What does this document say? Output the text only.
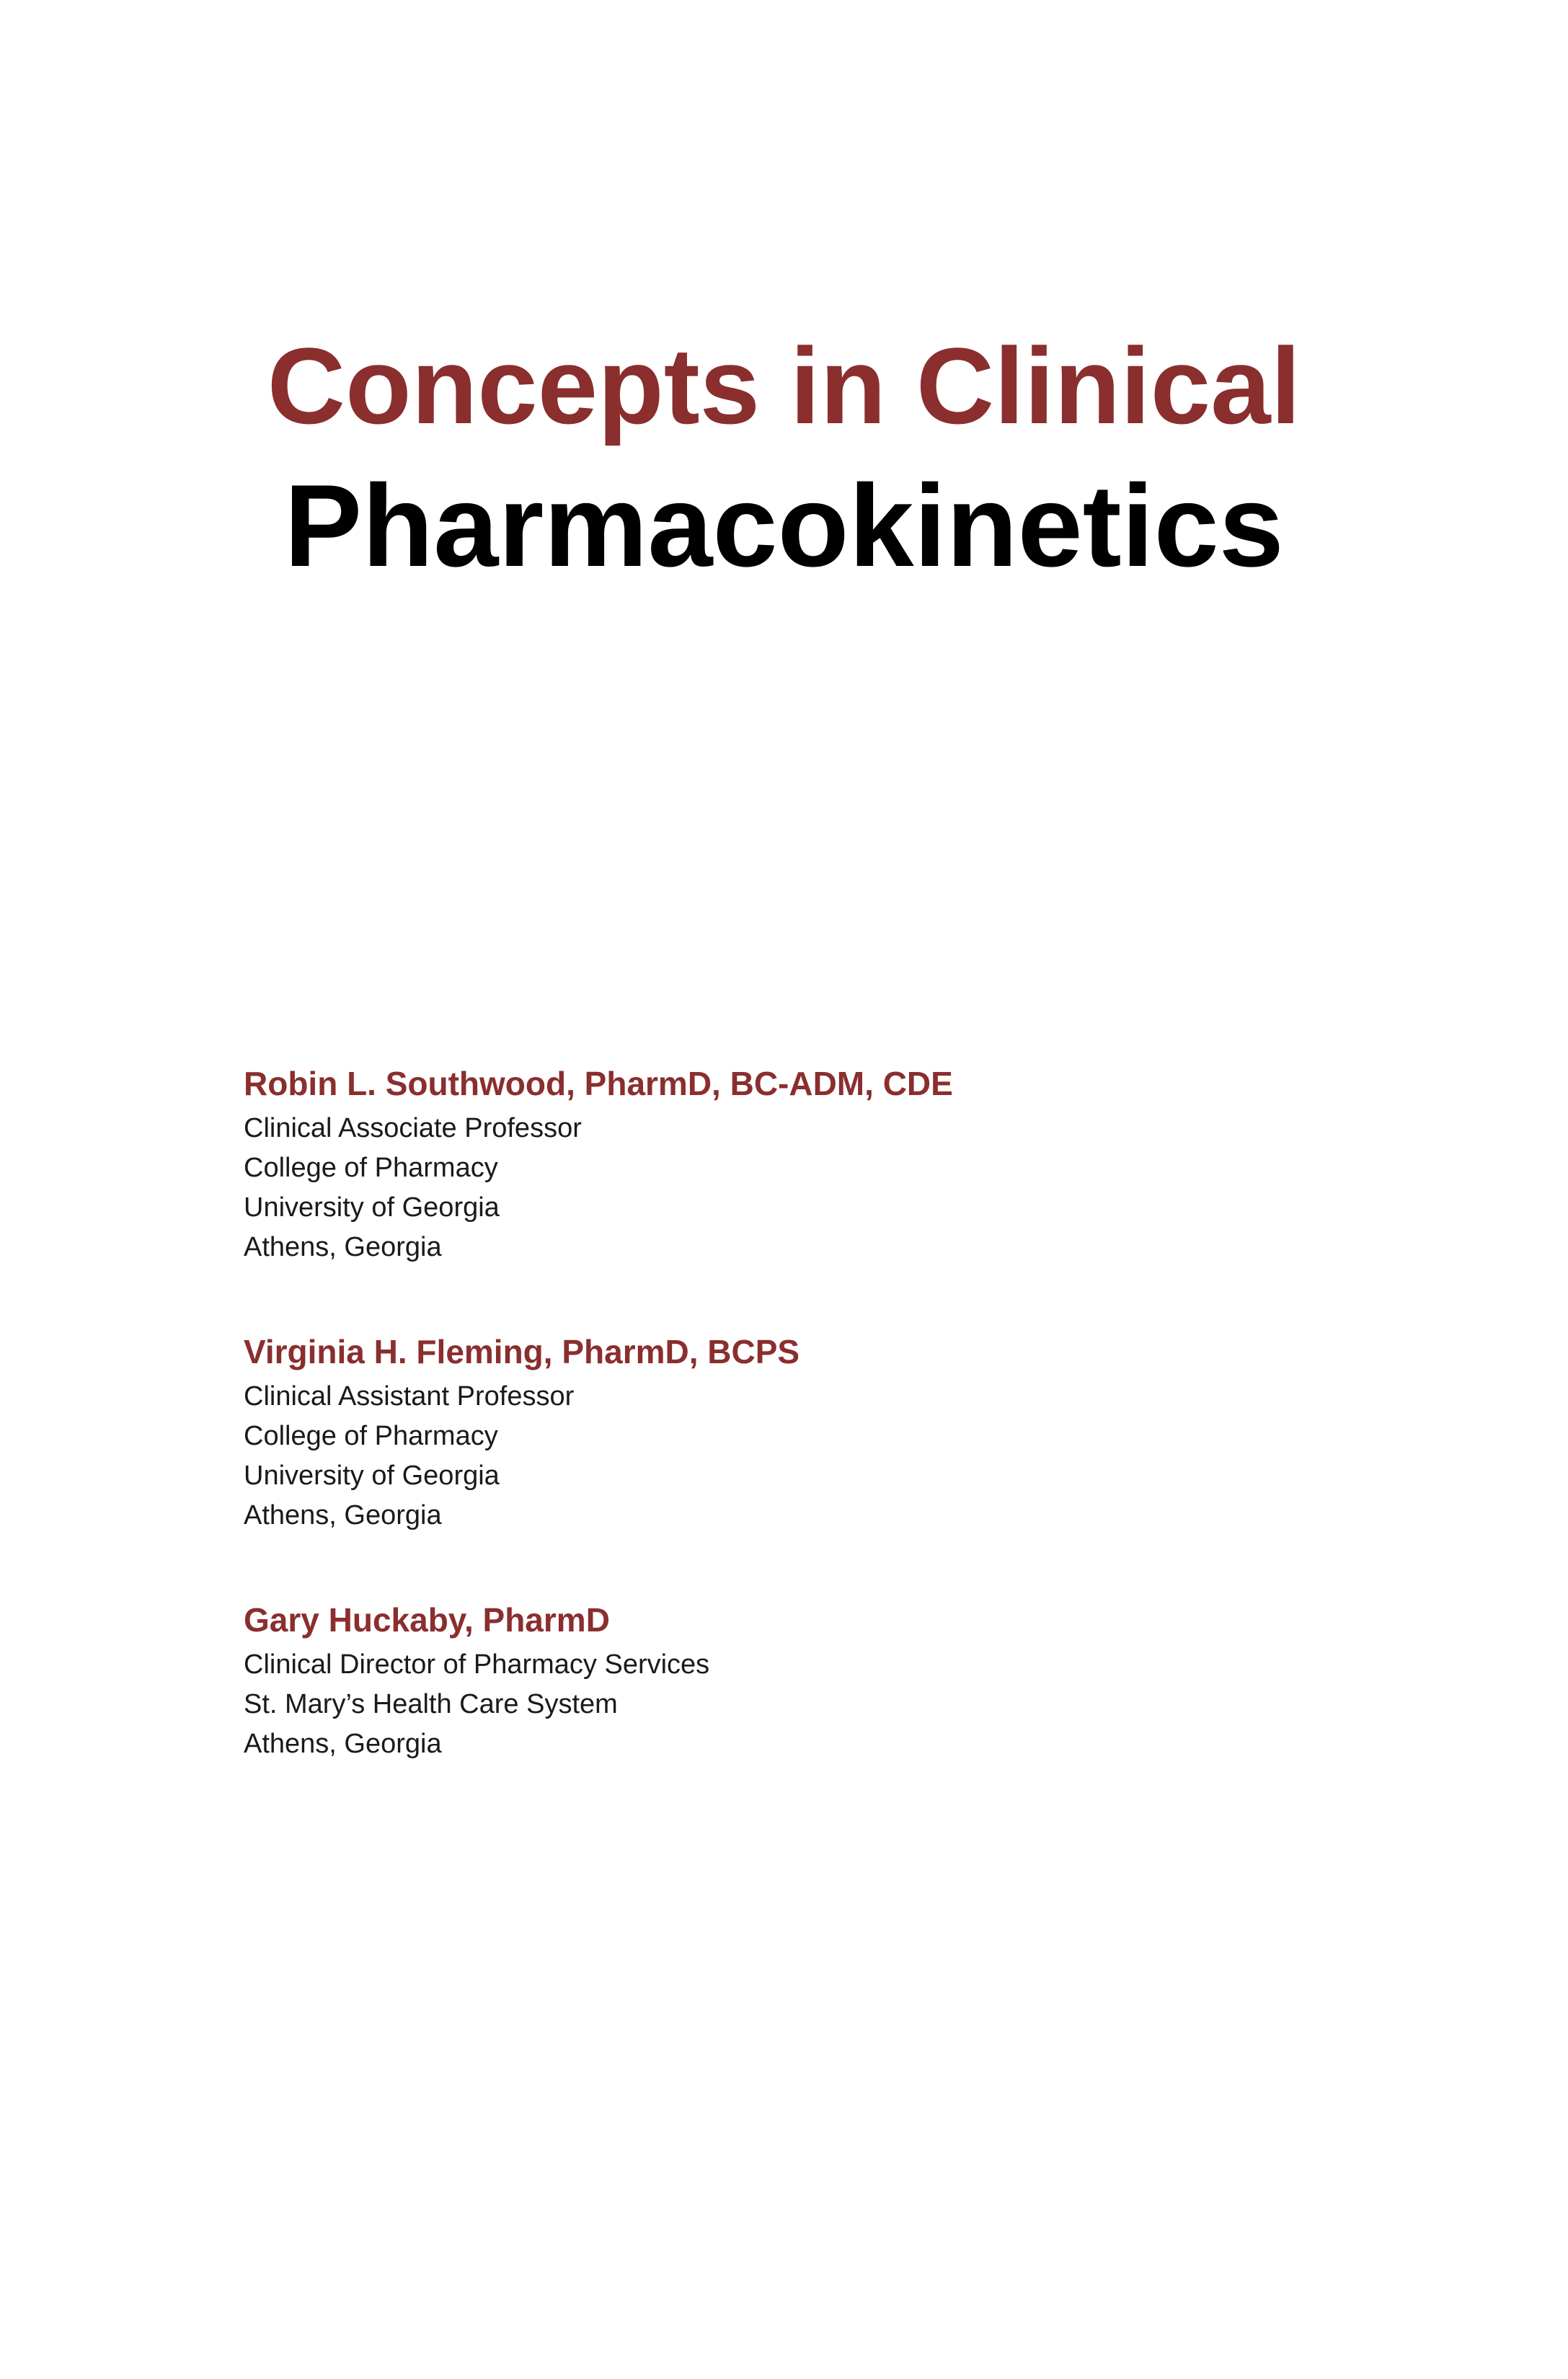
Concepts in Clinical
Pharmacokinetics
Robin L. Southwood, PharmD, BC-ADM, CDE
Clinical Associate Professor
College of Pharmacy
University of Georgia
Athens, Georgia
Virginia H. Fleming, PharmD, BCPS
Clinical Assistant Professor
College of Pharmacy
University of Georgia
Athens, Georgia
Gary Huckaby, PharmD
Clinical Director of Pharmacy Services
St. Mary’s Health Care System
Athens, Georgia
